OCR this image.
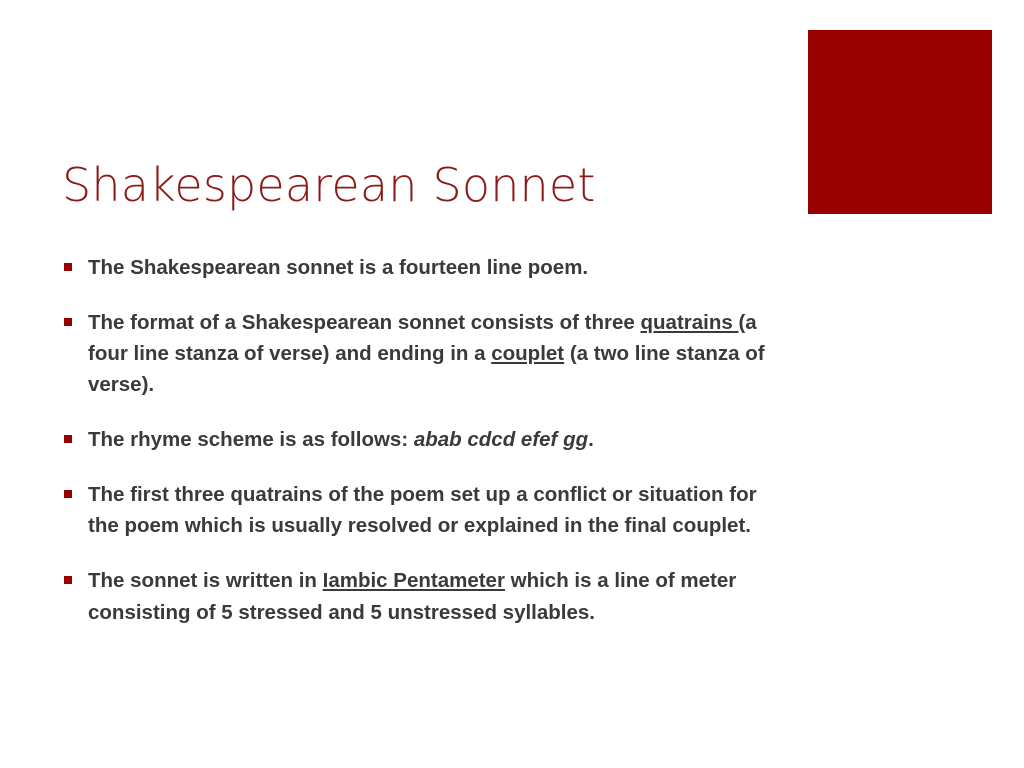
Shakespearean Sonnet
The Shakespearean sonnet is a fourteen line poem.
The format of a Shakespearean sonnet consists of three quatrains (a four line stanza of verse) and ending in a couplet (a two line stanza of verse).
The rhyme scheme is as follows: abab cdcd efef gg.
The first three quatrains of the poem set up a conflict or situation for the poem which is usually resolved or explained in the final couplet.
The sonnet is written in Iambic Pentameter which is a line of meter consisting of 5 stressed and 5 unstressed syllables.
